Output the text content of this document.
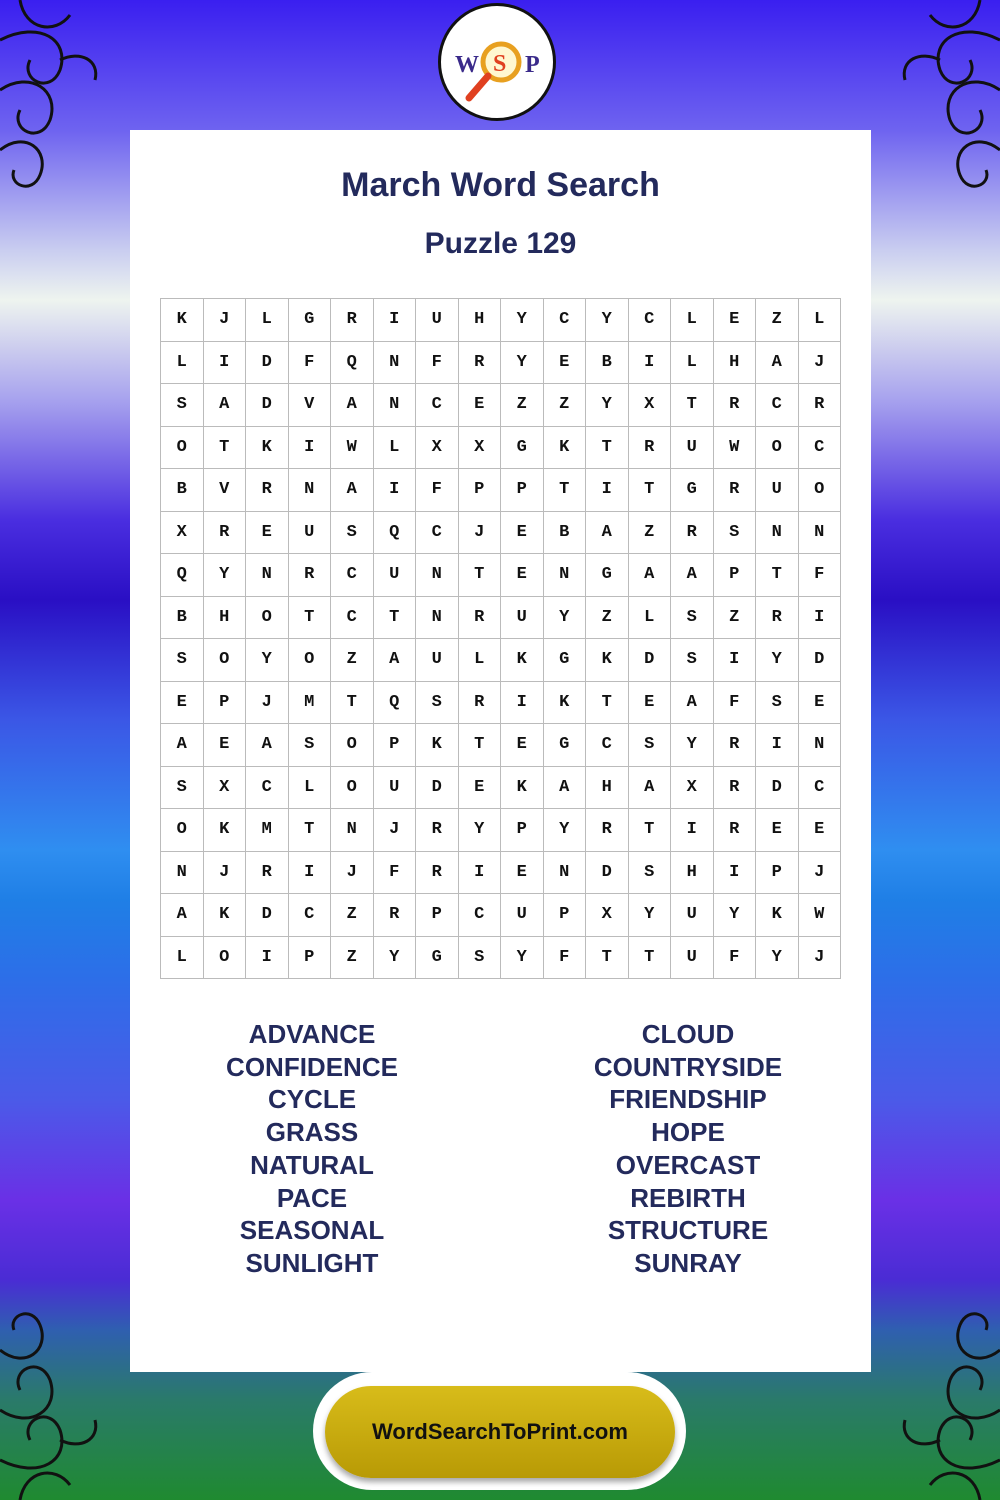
W S P
March Word Search
Puzzle 129
K	J	L	G	R	I	U	H	Y	C	Y	C	L	E	Z	L
L	I	D	F	Q	N	F	R	Y	E	B	I	L	H	A	J
S	A	D	V	A	N	C	E	Z	Z	Y	X	T	R	C	R
O	T	K	I	W	L	X	X	G	K	T	R	U	W	O	C
B	V	R	N	A	I	F	P	P	T	I	T	G	R	U	O
X	R	E	U	S	Q	C	J	E	B	A	Z	R	S	N	N
Q	Y	N	R	C	U	N	T	E	N	G	A	A	P	T	F
B	H	O	T	C	T	N	R	U	Y	Z	L	S	Z	R	I
S	O	Y	O	Z	A	U	L	K	G	K	D	S	I	Y	D
E	P	J	M	T	Q	S	R	I	K	T	E	A	F	S	E
A	E	A	S	O	P	K	T	E	G	C	S	Y	R	I	N
S	X	C	L	O	U	D	E	K	A	H	A	X	R	D	C
O	K	M	T	N	J	R	Y	P	Y	R	T	I	R	E	E
N	J	R	I	J	F	R	I	E	N	D	S	H	I	P	J
A	K	D	C	Z	R	P	C	U	P	X	Y	U	Y	K	W
L	O	I	P	Z	Y	G	S	Y	F	T	T	U	F	Y	J
ADVANCE
CONFIDENCE
CYCLE
GRASS
NATURAL
PACE
SEASONAL
SUNLIGHT
CLOUD
COUNTRYSIDE
FRIENDSHIP
HOPE
OVERCAST
REBIRTH
STRUCTURE
SUNRAY
WordSearchToPrint.com
